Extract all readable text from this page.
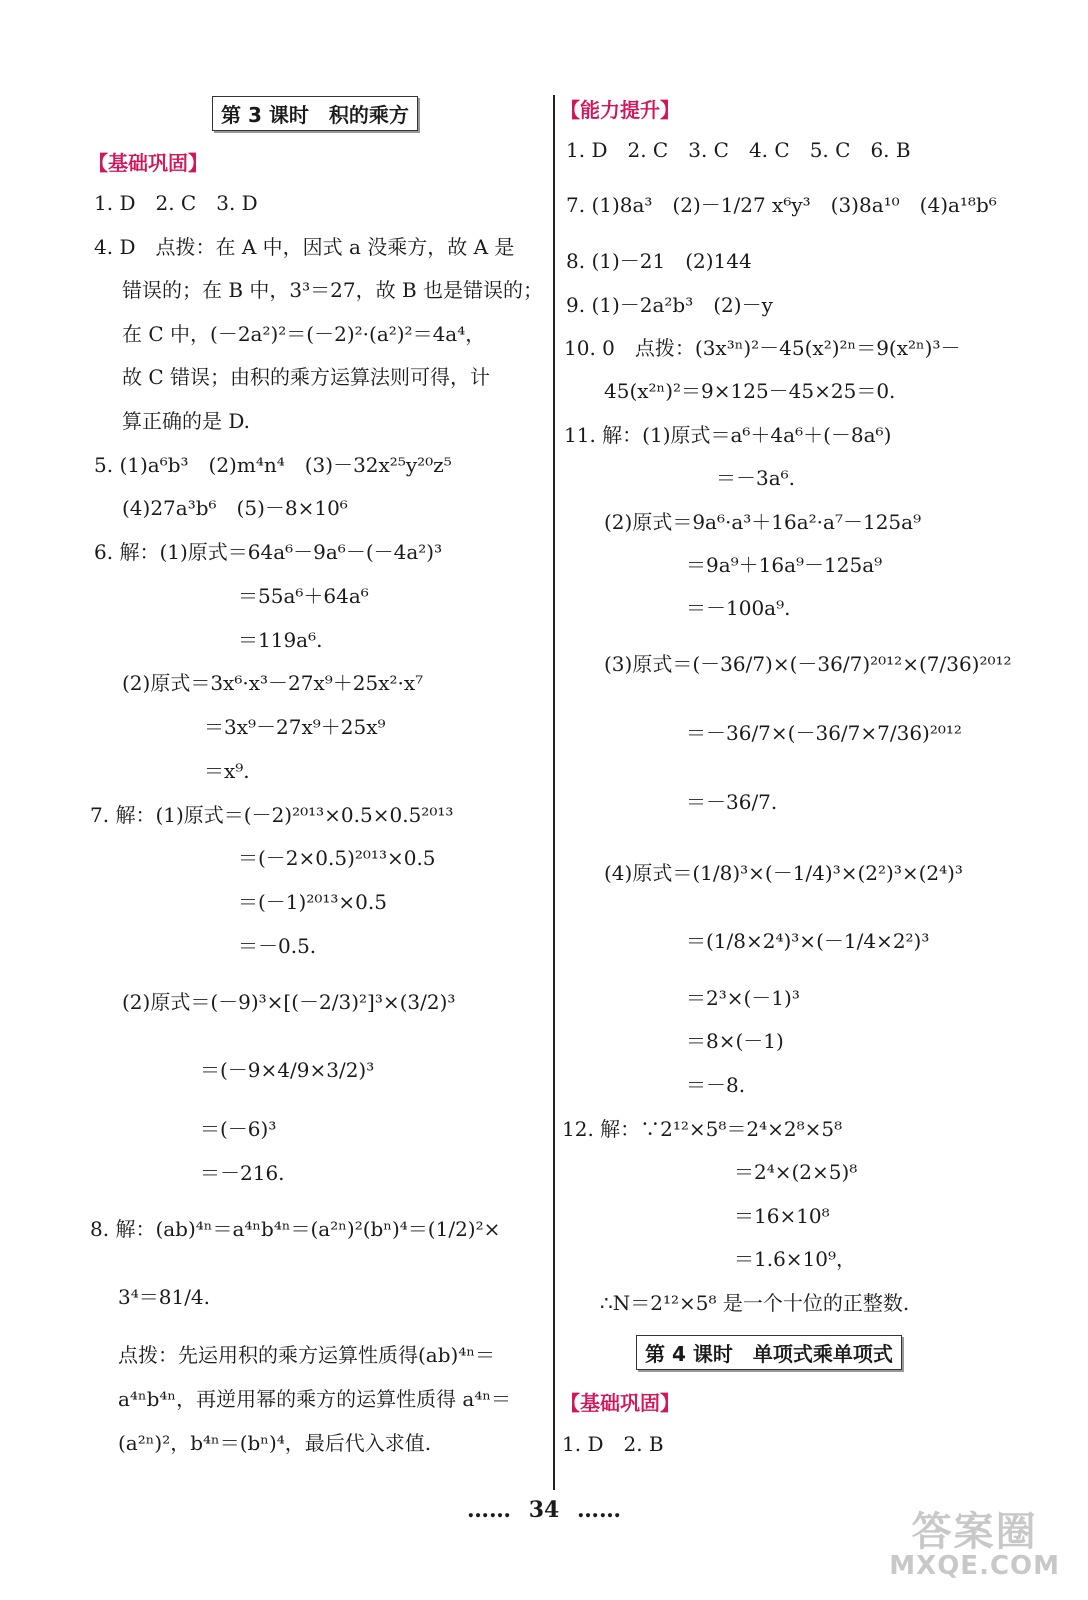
第 3 课时　积的乘方
【基础巩固】
1. D　2. C　3. D
4. D　点拨：在 A 中，因式 a 没乘方，故 A 是
错误的；在 B 中，3³＝27，故 B 也是错误的；
在 C 中，(－2a²)²＝(－2)²·(a²)²＝4a⁴，
故 C 错误；由积的乘方运算法则可得，计
算正确的是 D.
5. (1)a⁶b³　(2)m⁴n⁴　(3)－32x²⁵y²⁰z⁵
(4)27a³b⁶　(5)－8×10⁶
6. 解：(1)原式＝64a⁶－9a⁶－(－4a²)³
＝55a⁶＋64a⁶
＝119a⁶.
(2)原式＝3x⁶·x³－27x⁹＋25x²·x⁷
＝3x⁹－27x⁹＋25x⁹
＝x⁹.
7. 解：(1)原式＝(－2)²⁰¹³×0.5×0.5²⁰¹³
＝(－2×0.5)²⁰¹³×0.5
＝(－1)²⁰¹³×0.5
＝－0.5.
(2)原式＝(－9)³×[(－2/3)²]³×(3/2)³
＝(－9×4/9×3/2)³
＝(－6)³
＝－216.
8. 解：(ab)⁴ⁿ＝a⁴ⁿb⁴ⁿ＝(a²ⁿ)²(bⁿ)⁴＝(1/2)²×
3⁴＝81/4.
点拨：先运用积的乘方运算性质得(ab)⁴ⁿ＝
a⁴ⁿb⁴ⁿ，再逆用幂的乘方的运算性质得 a⁴ⁿ＝
(a²ⁿ)²，b⁴ⁿ＝(bⁿ)⁴，最后代入求值.
【能力提升】
1. D　2. C　3. C　4. C　5. C　6. B
7. (1)8a³　(2)－1/27 x⁶y³　(3)8a¹⁰　(4)a¹⁸b⁶
8. (1)－21　(2)144
9. (1)－2a²b³　(2)－y
10. 0　点拨：(3x³ⁿ)²－45(x²)²ⁿ＝9(x²ⁿ)³－
45(x²ⁿ)²＝9×125－45×25＝0.
11. 解：(1)原式＝a⁶＋4a⁶＋(－8a⁶)
＝－3a⁶.
(2)原式＝9a⁶·a³＋16a²·a⁷－125a⁹
＝9a⁹＋16a⁹－125a⁹
＝－100a⁹.
(3)原式＝(－36/7)×(－36/7)²⁰¹²×(7/36)²⁰¹²
＝－36/7×(－36/7×7/36)²⁰¹²
＝－36/7.
(4)原式＝(1/8)³×(－1/4)³×(2²)³×(2⁴)³
＝(1/8×2⁴)³×(－1/4×2²)³
＝2³×(－1)³
＝8×(－1)
＝－8.
12. 解：∵2¹²×5⁸＝2⁴×2⁸×5⁸
＝2⁴×(2×5)⁸
＝16×10⁸
＝1.6×10⁹，
∴N＝2¹²×5⁸ 是一个十位的正整数.
第 4 课时　单项式乘单项式
【基础巩固】
1. D　2. B
…… 34 ……	答案圈
MXQE.COM
